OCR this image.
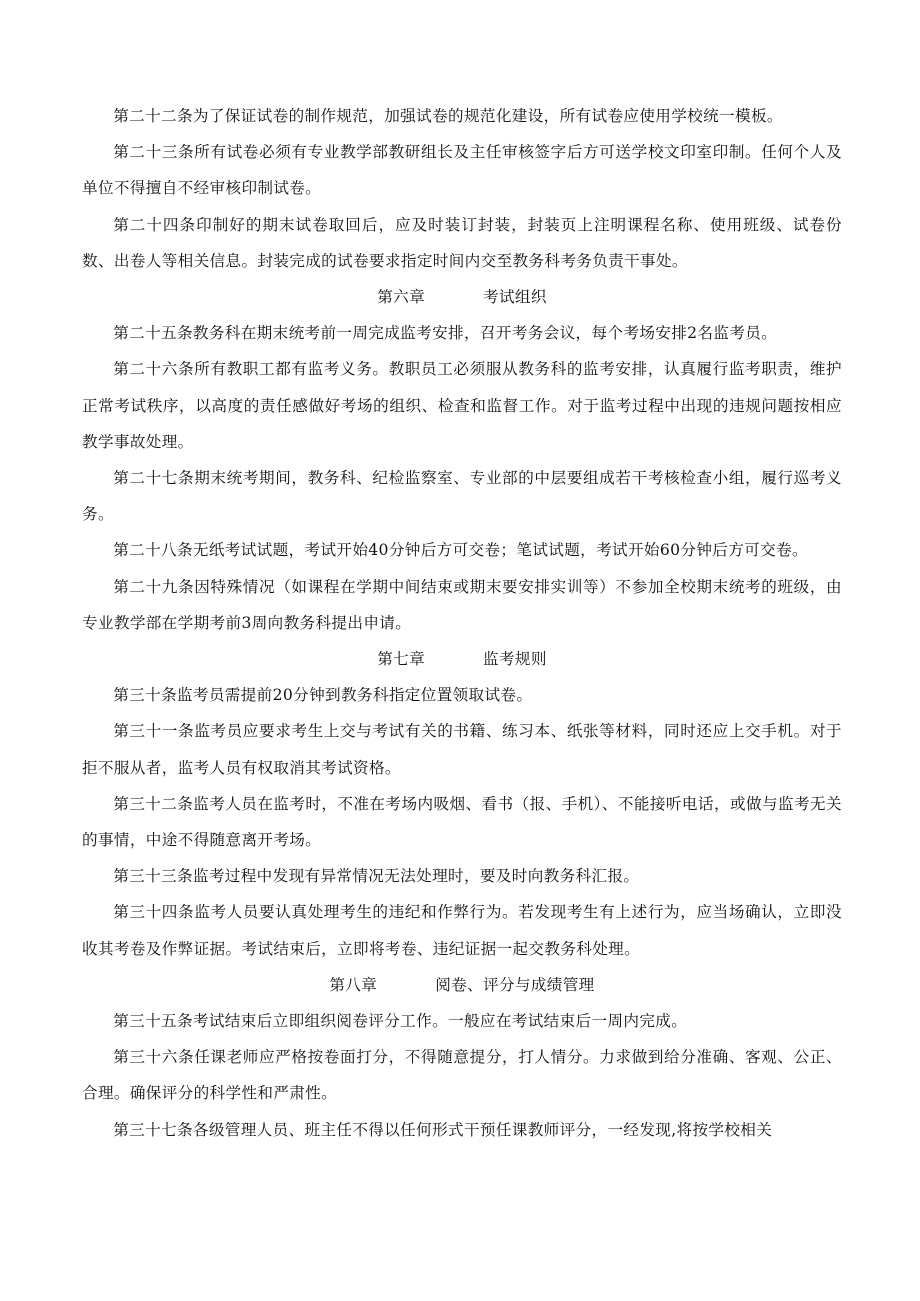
第二十二条为了保证试卷的制作规范，加强试卷的规范化建设，所有试卷应使用学校统一模板。

第二十三条所有试卷必须有专业教学部教研组长及主任审核签字后方可送学校文印室印制。任何个人及单位不得擅自不经审核印制试卷。

第二十四条印制好的期末试卷取回后，应及时装订封装，封装页上注明课程名称、使用班级、试卷份数、出卷人等相关信息。封装完成的试卷要求指定时间内交至教务科考务负责干事处。

第六章	考试组织

第二十五条教务科在期末统考前一周完成监考安排，召开考务会议，每个考场安排2名监考员。

第二十六条所有教职工都有监考义务。教职员工必须服从教务科的监考安排，认真履行监考职责，维护正常考试秩序，以高度的责任感做好考场的组织、检查和监督工作。对于监考过程中出现的违规问题按相应教学事故处理。

第二十七条期末统考期间，教务科、纪检监察室、专业部的中层要组成若干考核检查小组，履行巡考义务。

第二十八条无纸考试试题，考试开始40分钟后方可交卷；笔试试题，考试开始60分钟后方可交卷。

第二十九条因特殊情况（如课程在学期中间结束或期末要安排实训等）不参加全校期末统考的班级，由专业教学部在学期考前3周向教务科提出申请。

第七章	监考规则

第三十条监考员需提前20分钟到教务科指定位置领取试卷。

第三十一条监考员应要求考生上交与考试有关的书籍、练习本、纸张等材料，同时还应上交手机。对于拒不服从者，监考人员有权取消其考试资格。

第三十二条监考人员在监考时，不准在考场内吸烟、看书（报、手机）、不能接听电话，或做与监考无关的事情，中途不得随意离开考场。

第三十三条监考过程中发现有异常情况无法处理时，要及时向教务科汇报。

第三十四条监考人员要认真处理考生的违纪和作弊行为。若发现考生有上述行为，应当场确认，立即没收其考卷及作弊证据。考试结束后，立即将考卷、违纪证据一起交教务科处理。

第八章	阅卷、评分与成绩管理

第三十五条考试结束后立即组织阅卷评分工作。一般应在考试结束后一周内完成。

第三十六条任课老师应严格按卷面打分，不得随意提分，打人情分。力求做到给分准确、客观、公正、合理。确保评分的科学性和严肃性。

第三十七条各级管理人员、班主任不得以任何形式干预任课教师评分，一经发现,将按学校相关
